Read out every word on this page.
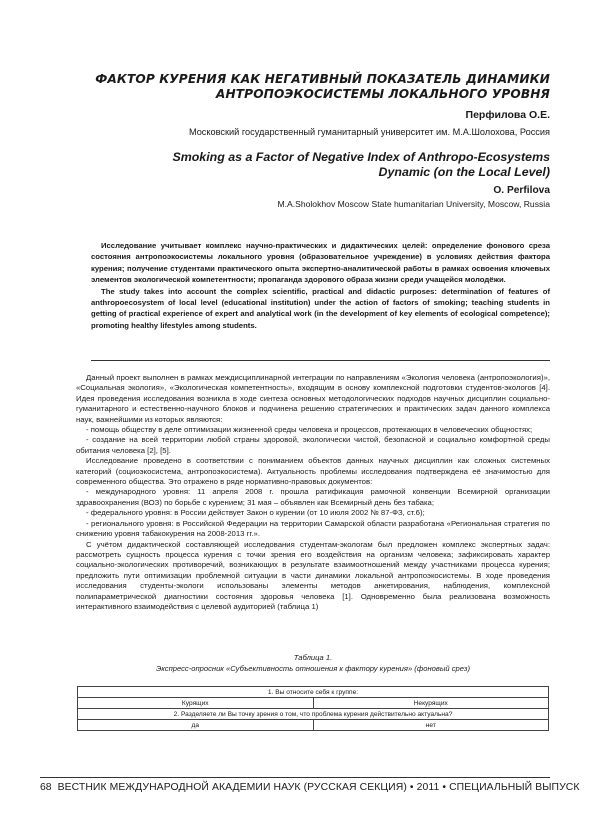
ФАКТОР КУРЕНИЯ КАК НЕГАТИВНЫЙ ПОКАЗАТЕЛЬ ДИНАМИКИ
АНТРОПОЭКОСИСТЕМЫ ЛОКАЛЬНОГО УРОВНЯ
Перфилова О.Е.
Московский государственный гуманитарный университет им. М.А.Шолохова, Россия
Smoking as a Factor of Negative Index of Anthropo-Ecosystems
Dynamic (on the Local Level)
O. Perfilova
M.A.Sholokhov Moscow State humanitarian University, Moscow, Russia

Исследование учитывает комплекс научно-практических и дидактических целей: определение фонового среза состояния антропоэкосистемы локального уровня (образовательное учреждение) в условиях действия фактора курения; получение студентами практического опыта экспертно-аналитической работы в рамках освоения ключевых элементов экологической компетентности; пропаганда здорового образа жизни среди учащейся молодёжи.

The study takes into account the complex scientific, practical and didactic purposes: determination of features of anthropoecosystem of local level (educational institution) under the action of factors of smoking; teaching students in getting of practical experience of expert and analytical work (in the development of key elements of ecological competence); promoting healthy lifestyles among students.

Данный проект выполнен в рамках междисциплинарной интеграции по направлениям «Экология человека (антропоэкология)», «Социальная экология», «Экологическая компетентность», входящим в основу комплексной подготовки студентов-экологов [4]. Идея проведения исследования возникла в ходе синтеза основных методологических подходов научных дисциплин социально-гуманитарного и естественно-научного блоков и подчинена решению стратегических и практических задач данного комплекса наук, важнейшими из которых являются:

- помощь обществу в деле оптимизации жизненной среды человека и процессов, протекающих в человеческих общностях;

- создание на всей территории любой страны здоровой, экологически чистой, безопасной и социально комфортной среды обитания человека [2], [5].

Исследование проведено в соответствии с пониманием объектов данных научных дисциплин как сложных системных категорий (социоэкосистема, антропоэкосистема). Актуальность проблемы исследования подтверждена её значимостью для современного общества. Это отражено в ряде нормативно-правовых документов:

- международного уровня: 11 апреля 2008 г. прошла ратификация рамочной конвенции Всемирной организации здравоохранения (ВОЗ) по борьбе с курением; 31 мая – объявлен как Всемирный день без табака;

- федерального уровня: в России действует Закон о курении (от 10 июля 2002 № 87-ФЗ, ст.6);

- регионального уровня: в Российской Федерации на территории Самарской области разработана «Региональная стратегия по снижению уровня табакокурения на 2008-2013 гг.».

С учётом дидактической составляющей исследования студентам-экологам был предложен комплекс экспертных задач: рассмотреть сущность процесса курения с точки зрения его воздействия на организм человека; зафиксировать характер социально-экологических противоречий, возникающих в результате взаимоотношений между участниками процесса курения; предложить пути оптимизации проблемной ситуации в части динамики локальной антропоэкосистемы. В ходе проведения исследования студенты-экологи использованы элементы методов анкетирования, наблюдения, комплексной полипараметрической диагностики состояния здоровья человека [1]. Одновременно была реализована возможность интерактивного взаимодействия с целевой аудиторией (таблица 1)

Таблица 1.
Экспресс-опросник «Субъективность отношения к фактору курения» (фоновый срез)
1. Вы относите себя к группе:	
Курящих	Некурящих
2. Разделяете ли Вы точку зрения о том, что проблема курения действительно актуальна?	
да	нет
68 ВЕСТНИК МЕЖДУНАРОДНОЙ АКАДЕМИИ НАУК (РУССКАЯ СЕКЦИЯ) • 2011 • СПЕЦИАЛЬНЫЙ ВЫПУСК
